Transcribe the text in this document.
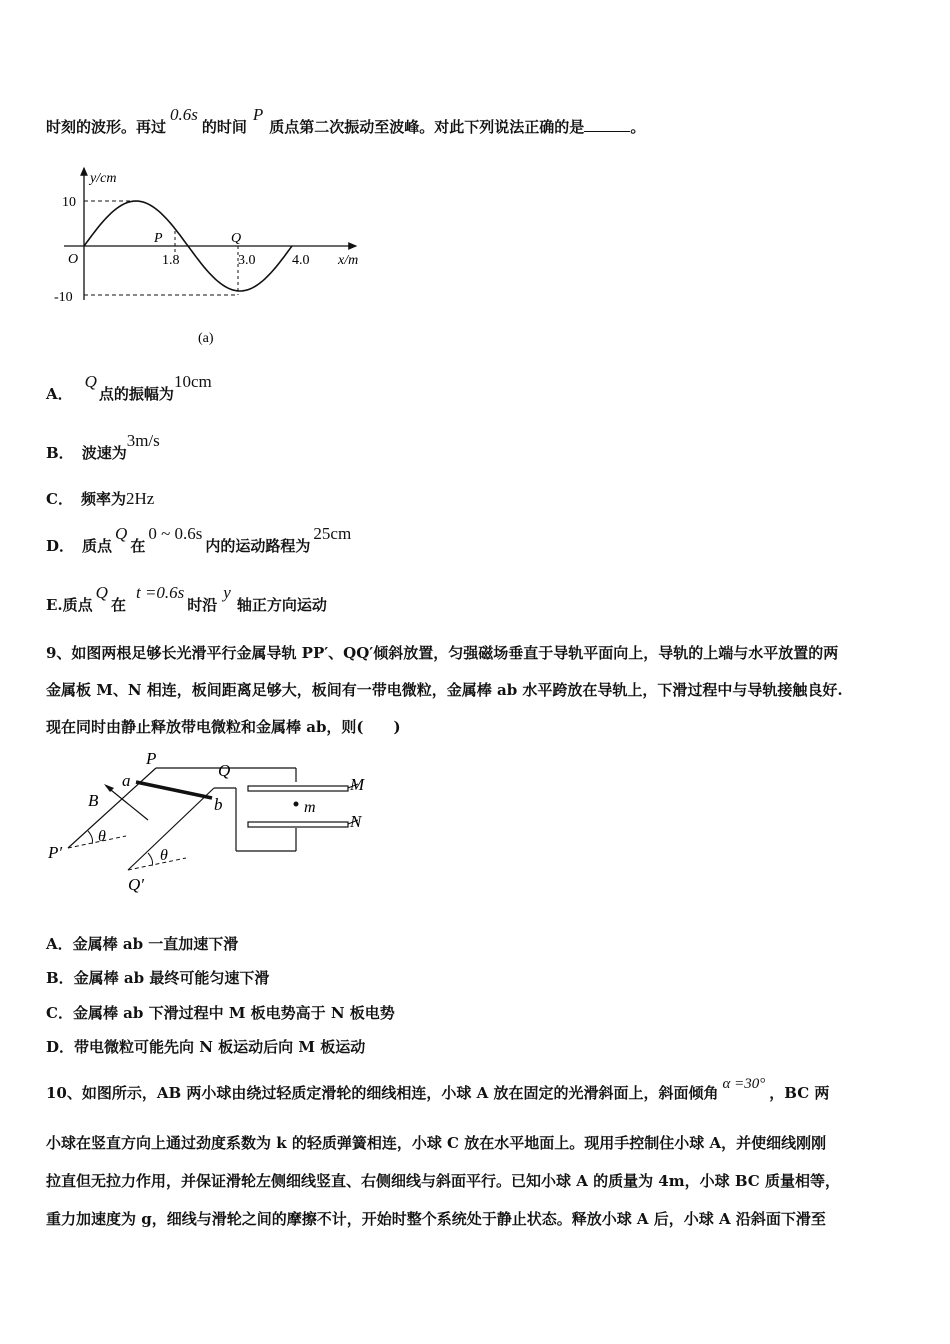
时刻的波形。再过0.6s的时间P质点第二次振动至波峰。对此下列说法正确的是	。
y/cm
10
-10
O
P	Q
1.8	3.0	4.0 x/m
(a)
A．Q点的振幅为10cm
B． 波速为3m/s
C． 频率为2Hz
D． 质点Q在0 ~ 0.6s内的运动路程为25cm
E.质点Q在t =0.6s时沿y轴正方向运动
9、如图两根足够长光滑平行金属导轨 PP′、QQ′倾斜放置，匀强磁场垂直于导轨平面向上，导轨的上端与水平放置的两
金属板 M、N 相连，板间距离足够大，板间有一带电微粒，金属棒 ab 水平跨放在导轨上，下滑过程中与导轨接触良好.
现在同时由静止释放带电微粒和金属棒 ab，则(　　)
P
Q
a
b
B
P′
Q′
θ
θ
M
N
m
A．金属棒 ab 一直加速下滑
B．金属棒 ab 最终可能匀速下滑
C．金属棒 ab 下滑过程中 M 板电势高于 N 板电势
D．带电微粒可能先向 N 板运动后向 M 板运动
10、如图所示，AB 两小球由绕过轻质定滑轮的细线相连，小球 A 放在固定的光滑斜面上，斜面倾角 α =30° ，BC 两
小球在竖直方向上通过劲度系数为 k 的轻质弹簧相连，小球 C 放在水平地面上。现用手控制住小球 A，并使细线刚刚
拉直但无拉力作用，并保证滑轮左侧细线竖直、右侧细线与斜面平行。已知小球 A 的质量为 4m，小球 BC 质量相等，
重力加速度为 g，细线与滑轮之间的摩擦不计，开始时整个系统处于静止状态。释放小球 A 后，小球 A 沿斜面下滑至
